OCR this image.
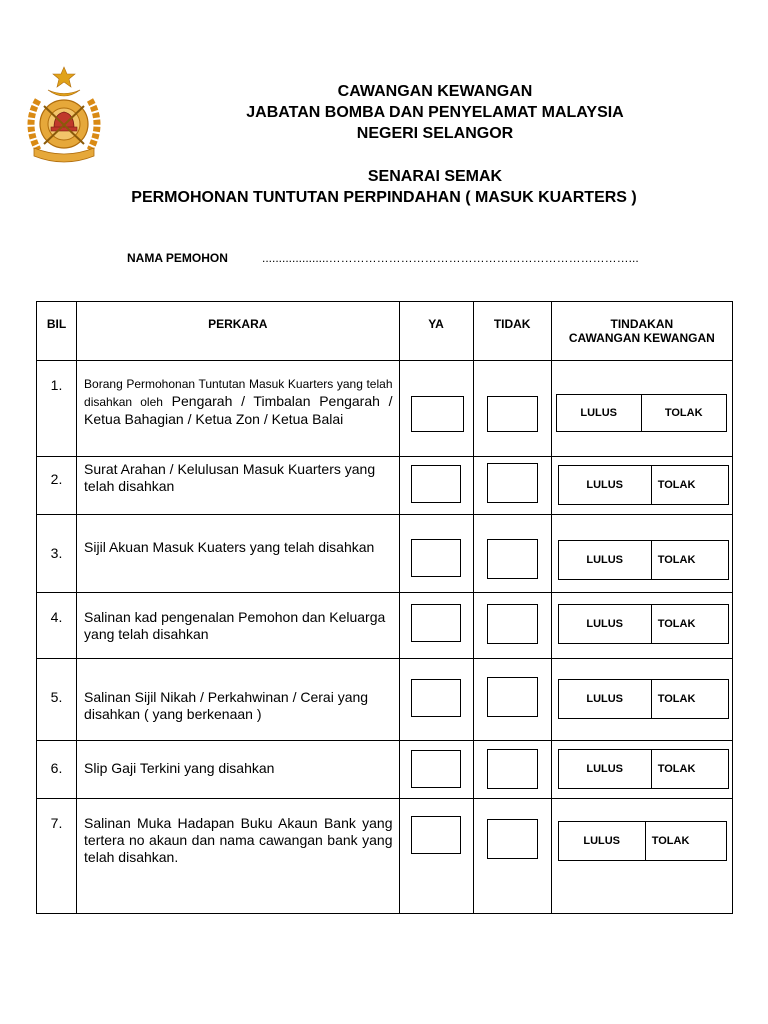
CAWANGAN KEWANGAN
JABATAN BOMBA DAN PENYELAMAT MALAYSIA
NEGERI SELANGOR
SENARAI SEMAK
PERMOHONAN TUNTUTAN PERPINDAHAN ( MASUK KUARTERS )
NAMA PEMOHON	....................…………………………………………………………………...
BIL	PERKARA	YA	TIDAK	TINDAKAN
CAWANGAN KEWANGAN
1.	Borang Permohonan Tuntutan Masuk Kuarters yang telah disahkan oleh Pengarah / Timbalan Pengarah / Ketua Bahagian / Ketua Zon / Ketua Balai			LULUS TOLAK

2.	Surat Arahan / Kelulusan Masuk Kuarters yang telah disahkan			LULUS TOLAK

3.	Sijil Akuan Masuk Kuaters yang telah disahkan			LULUS TOLAK

4.	Salinan kad pengenalan Pemohon dan Keluarga yang telah disahkan			LULUS TOLAK

5.	Salinan Sijil Nikah / Perkahwinan / Cerai yang disahkan ( yang berkenaan )			LULUS TOLAK

6.	Slip Gaji Terkini yang disahkan			LULUS TOLAK

7.	Salinan Muka Hadapan Buku Akaun Bank yang tertera no akaun dan nama cawangan bank yang telah disahkan.			LULUS TOLAK
